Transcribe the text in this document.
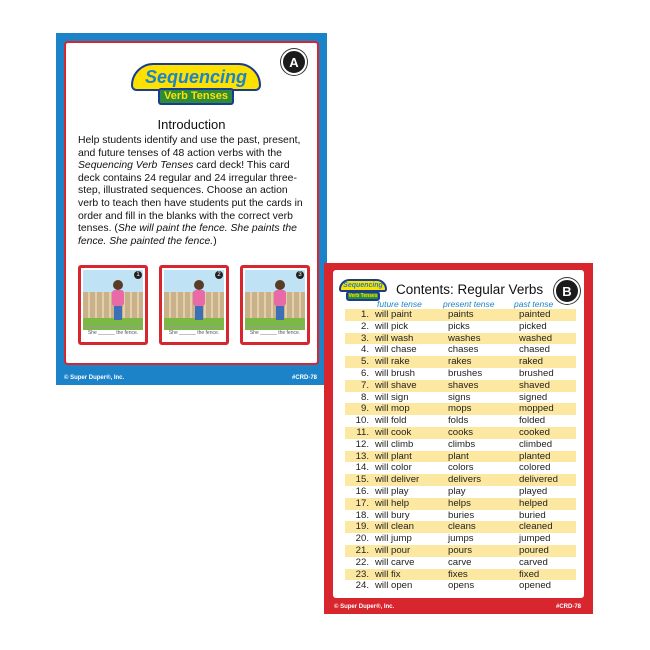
A
Sequencing
Verb Tenses
Introduction

Help students identify and use the past, present, and future tenses of 48 action verbs with the Sequencing Verb Tenses card deck! This card deck contains 24 regular and 24 irregular three-step, illustrated sequences. Choose an action verb to teach then have students put the cards in order and fill in the blanks with the correct verb tenses. (She will paint the fence. She paints the fence. She painted the fence.)

1
She ______ the fence.
2
She ______ the fence.
3
She ______ the fence.
© Super Duper®, Inc.	#CRD-78
Sequencing
Verb Tenses Contents: Regular Verbs	B
future tense present tense past tense
1. will paint	paints	painted
2. will pick	picks	picked
3. will wash	washes	washed
4. will chase	chases	chased
5. will rake	rakes	raked
6. will brush	brushes	brushed
7. will shave	shaves	shaved
8. will sign	signs	signed
9. will mop	mops	mopped
10. will fold	folds	folded
11. will cook	cooks	cooked
12. will climb	climbs	climbed
13. will plant	plant	planted
14. will color	colors	colored
15. will deliver	delivers	delivered
16. will play	play	played
17. will help	helps	helped
18. will bury	buries	buried
19. will clean	cleans	cleaned
20. will jump	jumps	jumped
21. will pour	pours	poured
22. will carve	carve	carved
23. will fix	fixes	fixed
24. will open	opens	opened
© Super Duper®, Inc.	#CRD-78
